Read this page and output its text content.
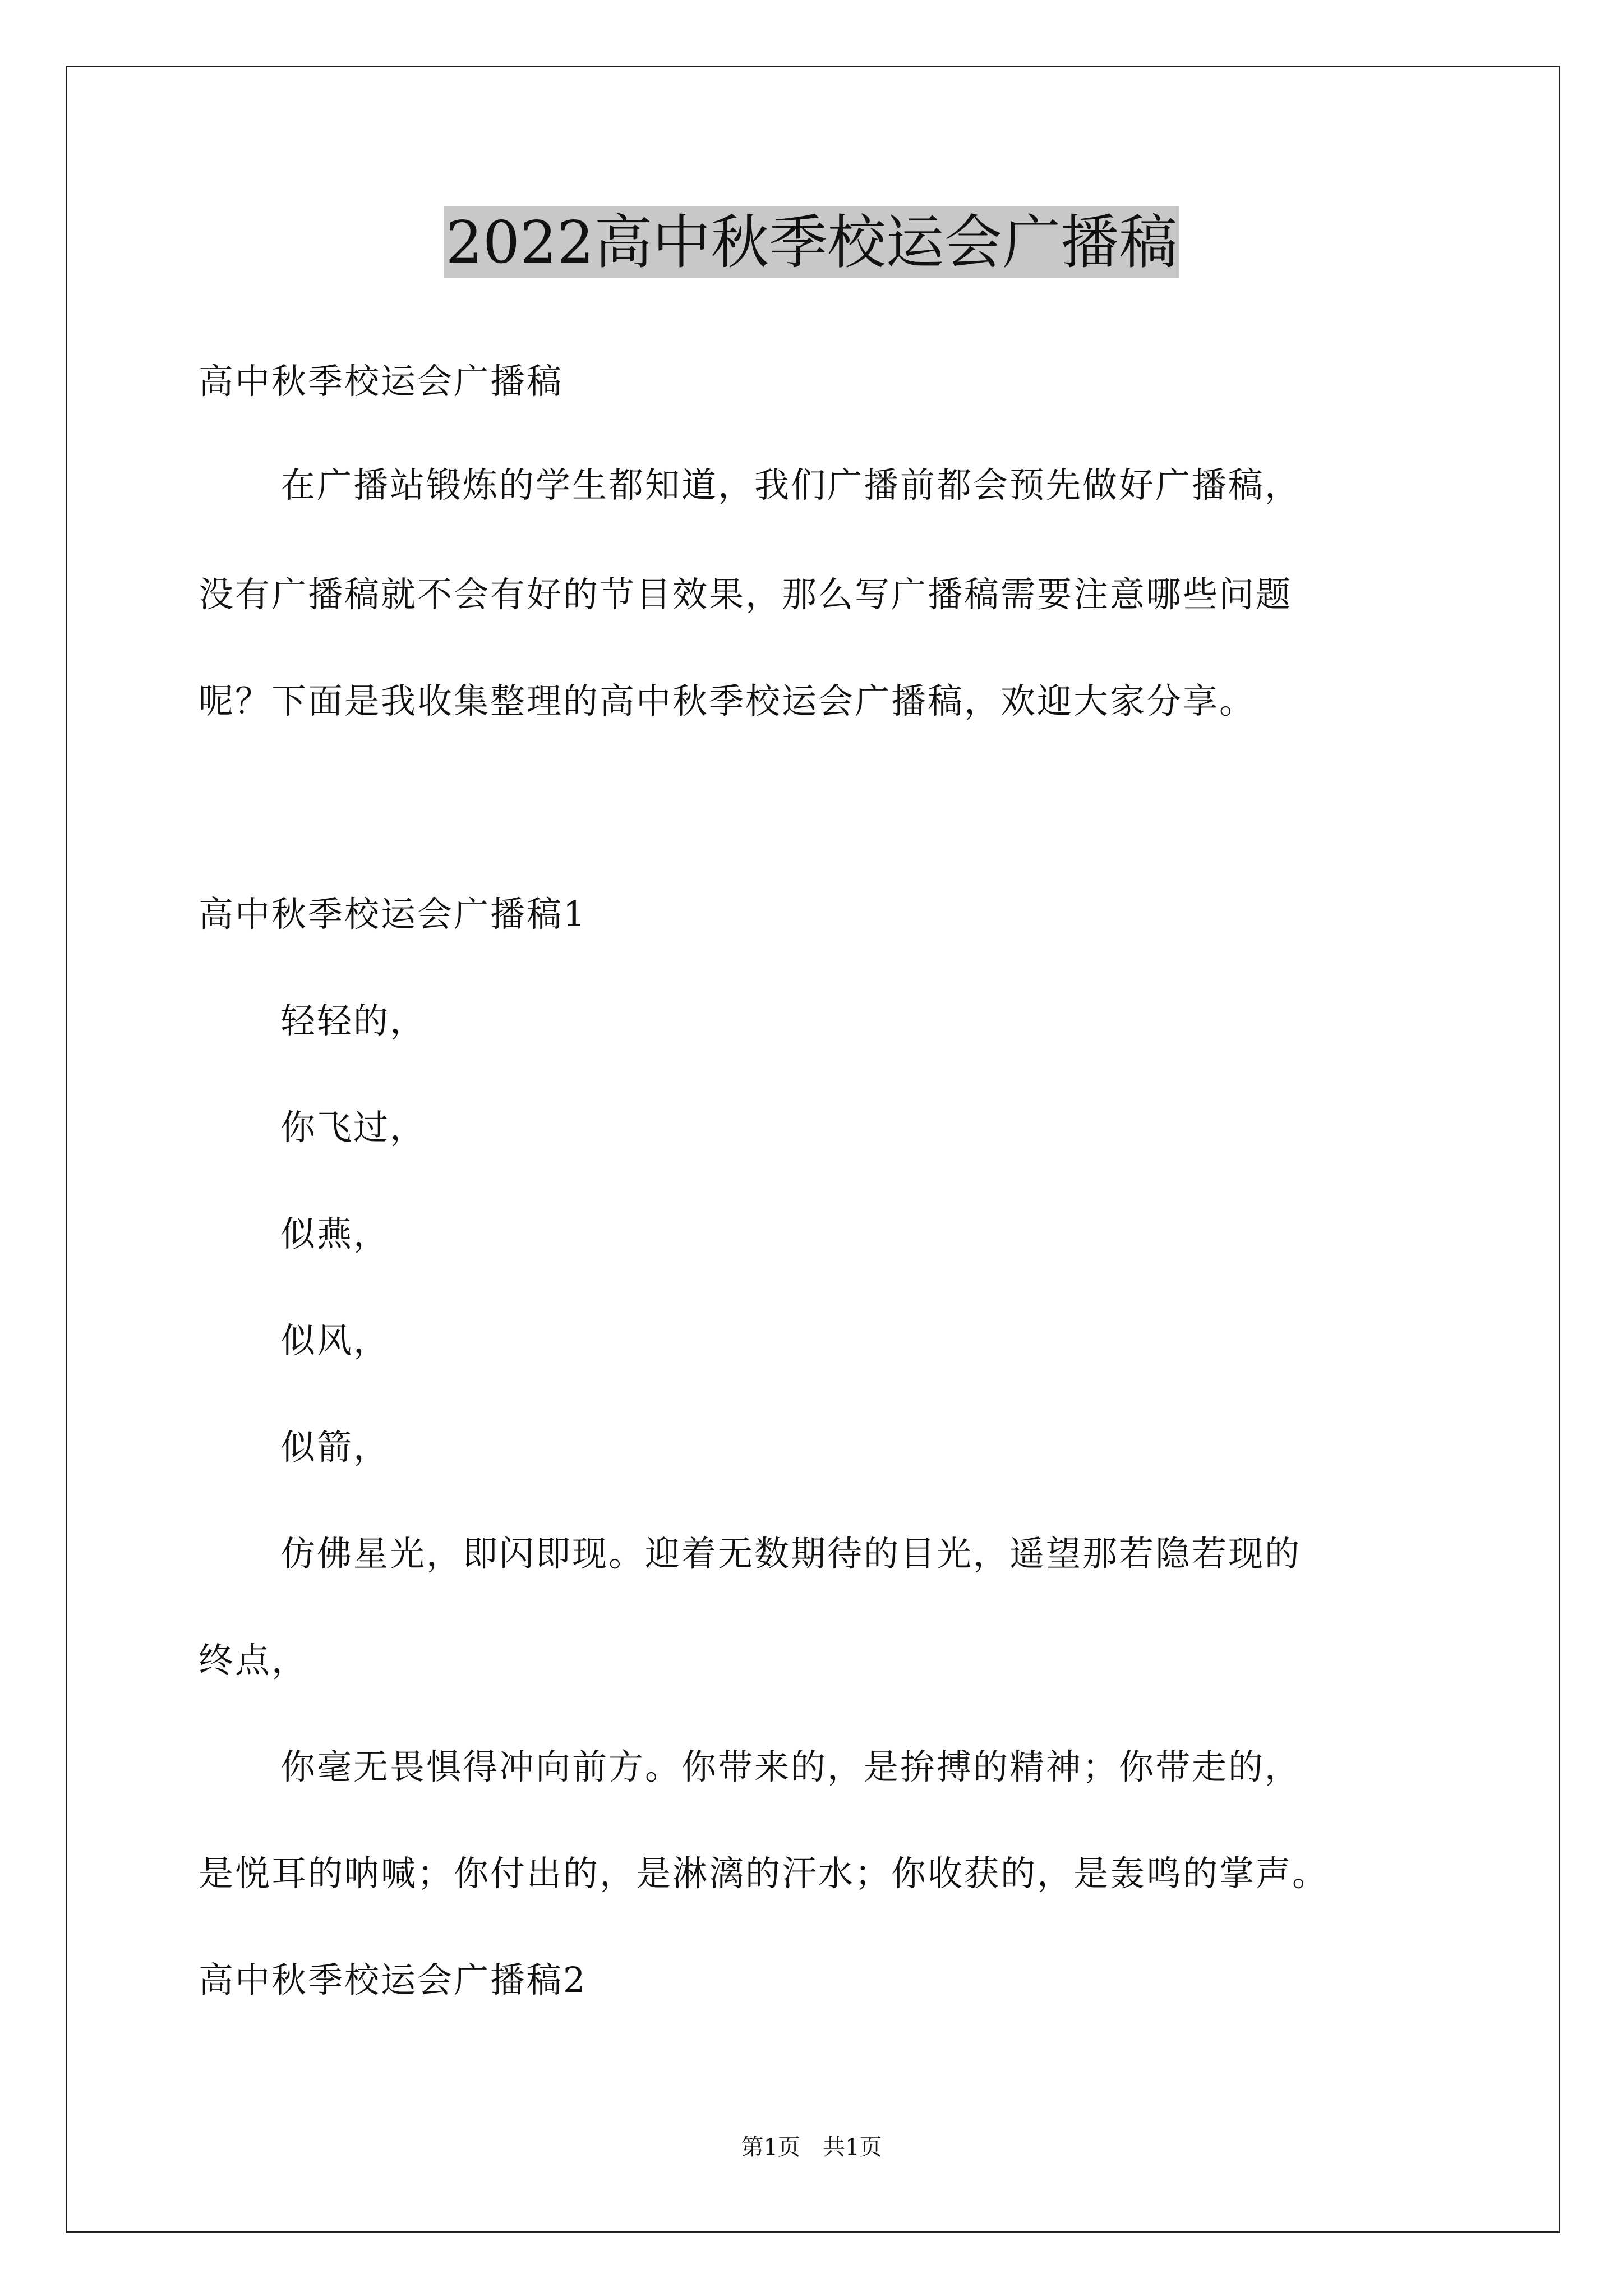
2022高中秋季校运会广播稿
高中秋季校运会广播稿
在广播站锻炼的学生都知道，我们广播前都会预先做好广播稿，
没有广播稿就不会有好的节目效果，那么写广播稿需要注意哪些问题
呢？下面是我收集整理的高中秋季校运会广播稿，欢迎大家分享。
高中秋季校运会广播稿1
轻轻的，
你飞过，
似燕，
似风，
似箭，
仿佛星光，即闪即现。迎着无数期待的目光，遥望那若隐若现的
终点，
你毫无畏惧得冲向前方。你带来的，是拚搏的精神；你带走的，
是悦耳的呐喊；你付出的，是淋漓的汗水；你收获的，是轰鸣的掌声。
高中秋季校运会广播稿2
第1页　共1页
